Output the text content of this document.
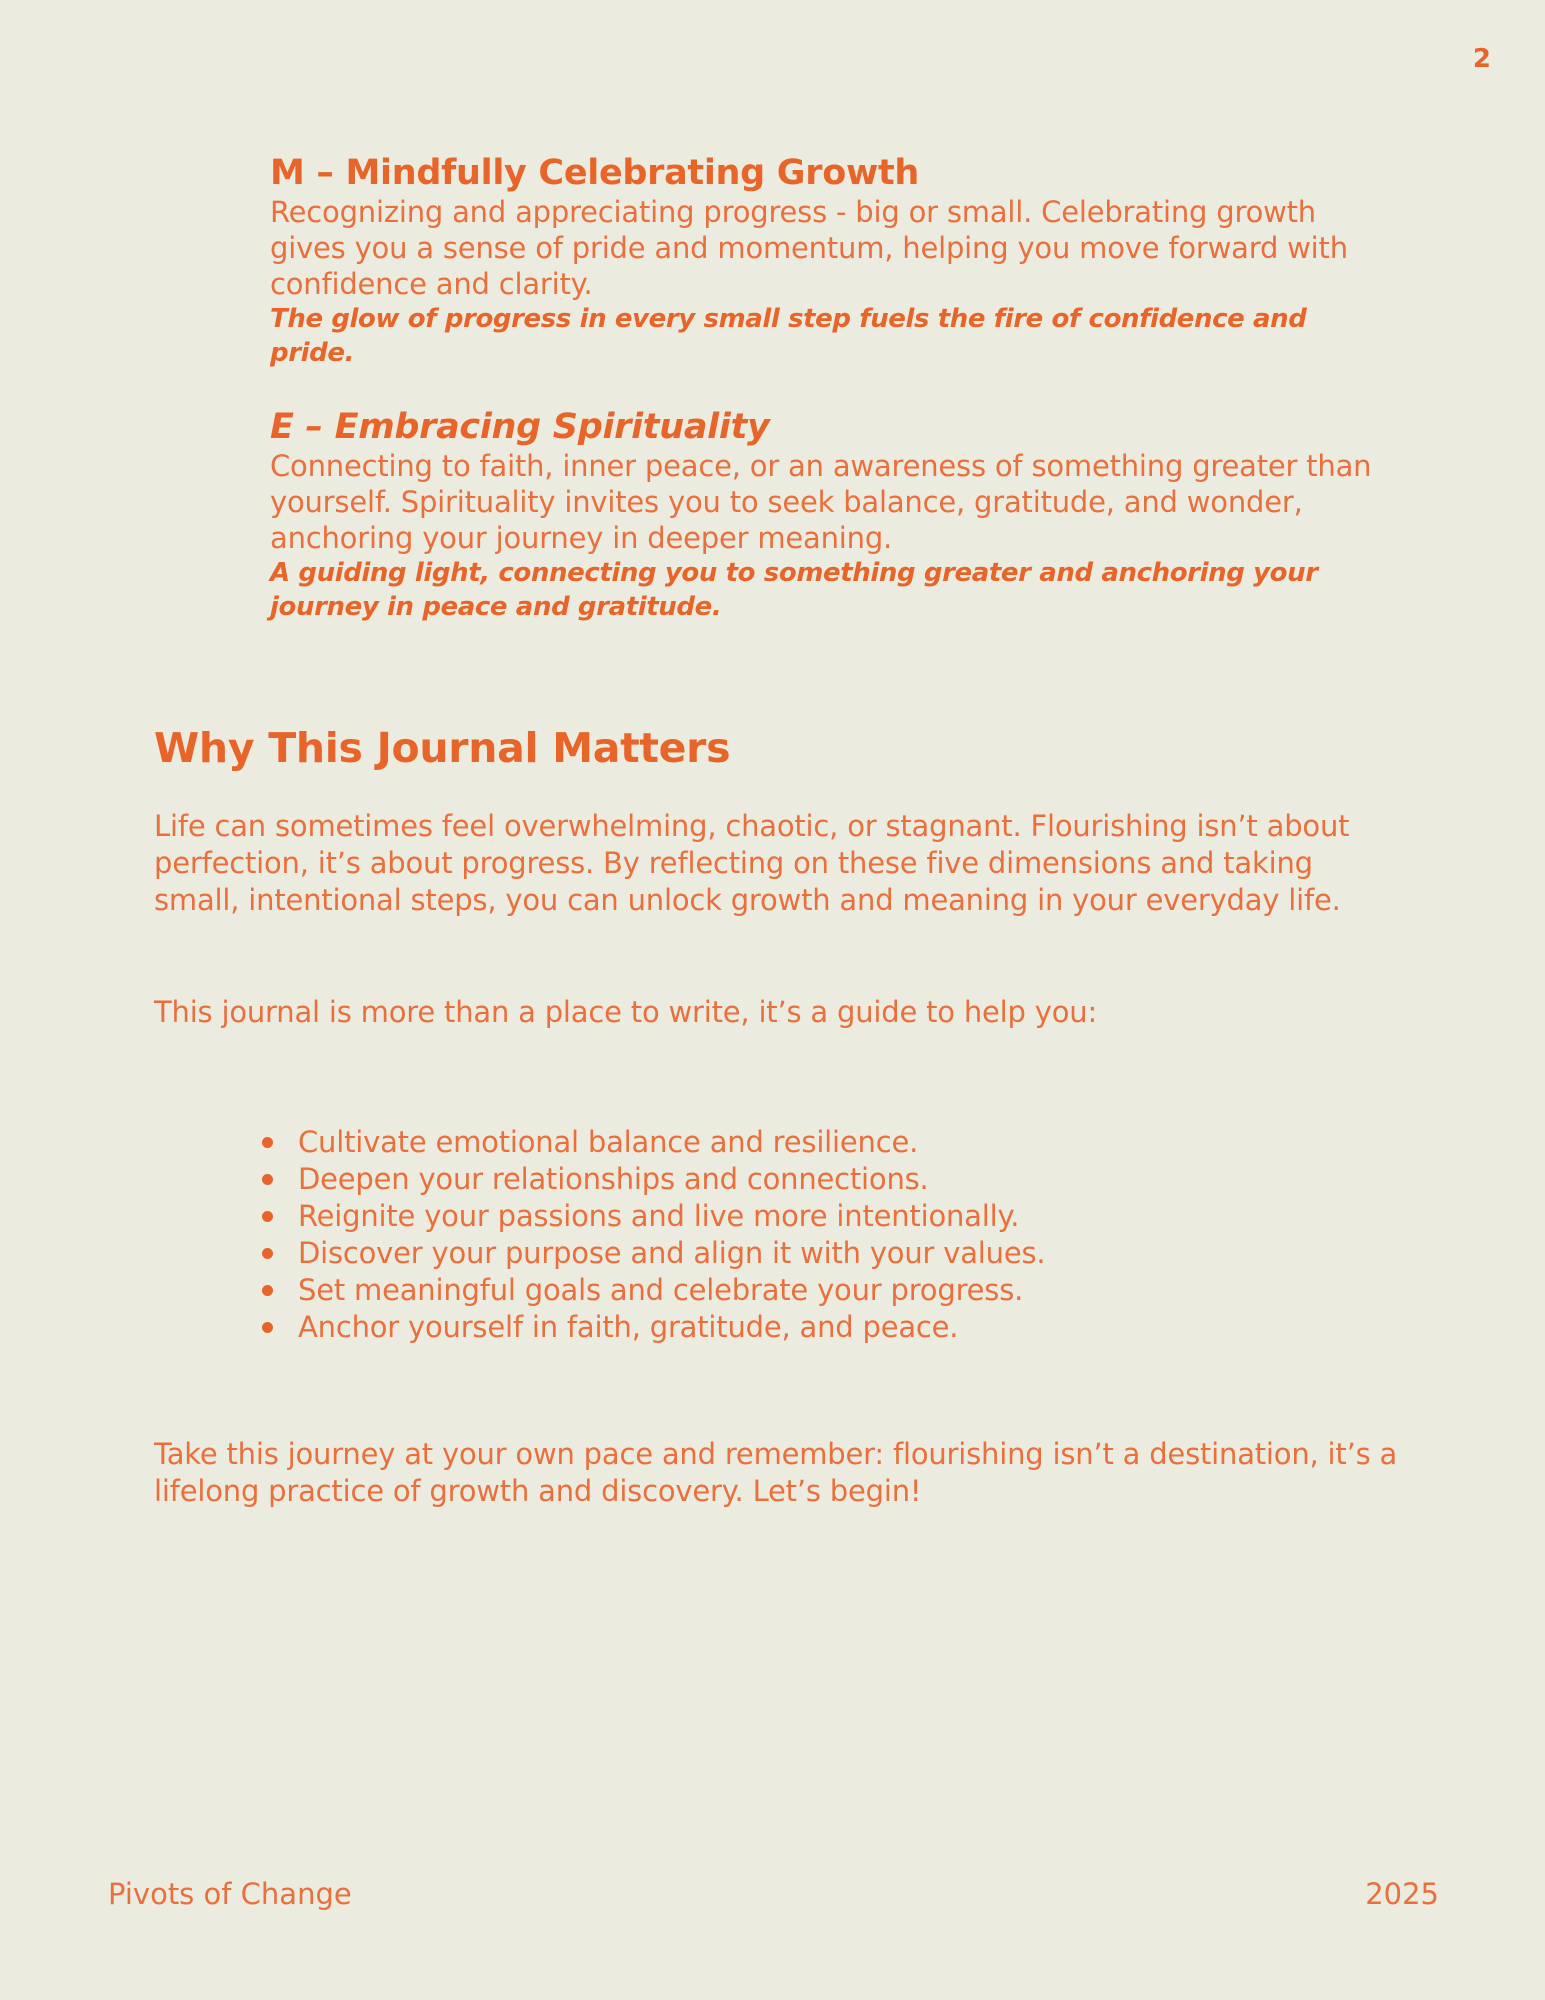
2
M – Mindfully Celebrating Growth

Recognizing and appreciating progress - big or small. Celebrating growth gives you a sense of pride and momentum, helping you move forward with confidence and clarity.

The glow of progress in every small step fuels the fire of confidence and pride.

E – Embracing Spirituality

Connecting to faith, inner peace, or an awareness of something greater than yourself. Spirituality invites you to seek balance, gratitude, and wonder, anchoring your journey in deeper meaning.

A guiding light, connecting you to something greater and anchoring your journey in peace and gratitude.

Why This Journal Matters

Life can sometimes feel overwhelming, chaotic, or stagnant. Flourishing isn’t about perfection, it’s about progress. By reflecting on these five dimensions and taking small, intentional steps, you can unlock growth and meaning in your everyday life.

This journal is more than a place to write, it’s a guide to help you:

Cultivate emotional balance and resilience.
Deepen your relationships and connections.
Reignite your passions and live more intentionally.
Discover your purpose and align it with your values.
Set meaningful goals and celebrate your progress.
Anchor yourself in faith, gratitude, and peace.

Take this journey at your own pace and remember: flourishing isn’t a destination, it’s a lifelong practice of growth and discovery. Let’s begin!

Pivots of Change	2025
